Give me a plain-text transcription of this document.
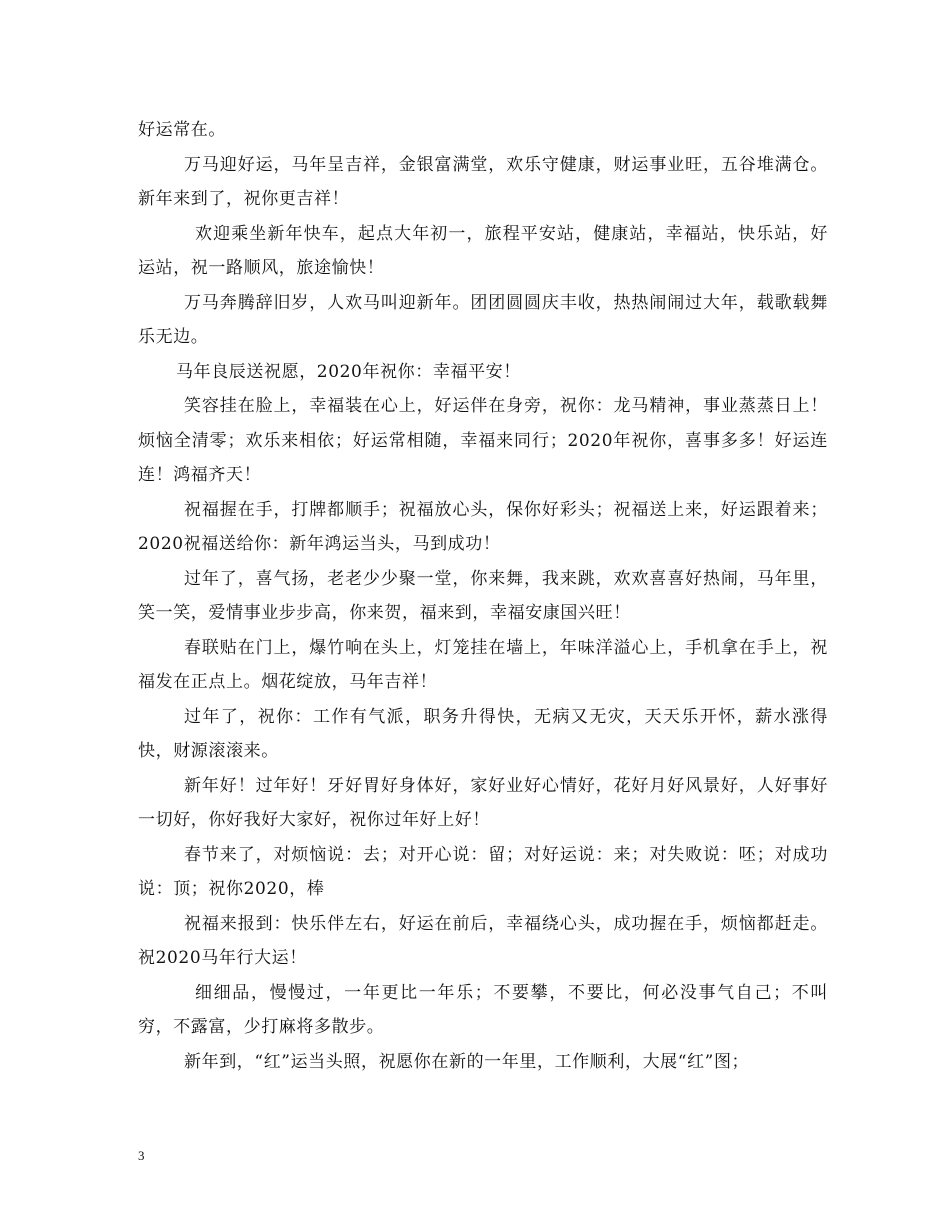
好运常在。

万马迎好运，马年呈吉祥，金银富满堂，欢乐守健康，财运事业旺，五谷堆满仓。新年来到了，祝你更吉祥！

欢迎乘坐新年快车，起点大年初一，旅程平安站，健康站，幸福站，快乐站，好运站，祝一路顺风，旅途愉快！

万马奔腾辞旧岁，人欢马叫迎新年。团团圆圆庆丰收，热热闹闹过大年，载歌载舞乐无边。

马年良辰送祝愿，2020年祝你：幸福平安！

笑容挂在脸上，幸福装在心上，好运伴在身旁，祝你：龙马精神，事业蒸蒸日上！   烦恼全清零；欢乐来相依；好运常相随，幸福来同行；2020年祝你，喜事多多！好运连连！鸿福齐天！

祝福握在手，打牌都顺手；祝福放心头，保你好彩头；祝福送上来，好运跟着来；2020祝福送给你：新年鸿运当头，马到成功！

过年了，喜气扬，老老少少聚一堂，你来舞，我来跳，欢欢喜喜好热闹，马年里，笑一笑，爱情事业步步高，你来贺，福来到，幸福安康国兴旺！

春联贴在门上，爆竹响在头上，灯笼挂在墙上，年味洋溢心上，手机拿在手上，祝福发在正点上。烟花绽放，马年吉祥！

过年了，祝你：工作有气派，职务升得快，无病又无灾，天天乐开怀，薪水涨得快，财源滚滚来。

新年好！过年好！牙好胃好身体好，家好业好心情好，花好月好风景好，人好事好一切好，你好我好大家好，祝你过年好上好！

春节来了，对烦恼说：去；对开心说：留；对好运说：来；对失败说：呸；对成功说：顶；祝你2020，棒

祝福来报到：快乐伴左右，好运在前后，幸福绕心头，成功握在手，烦恼都赶走。祝2020马年行大运！

细细品，慢慢过，一年更比一年乐；不要攀，不要比，何必没事气自己；不叫穷，不露富，少打麻将多散步。

新年到，“红”运当头照，祝愿你在新的一年里，工作顺利，大展“红”图；

3
